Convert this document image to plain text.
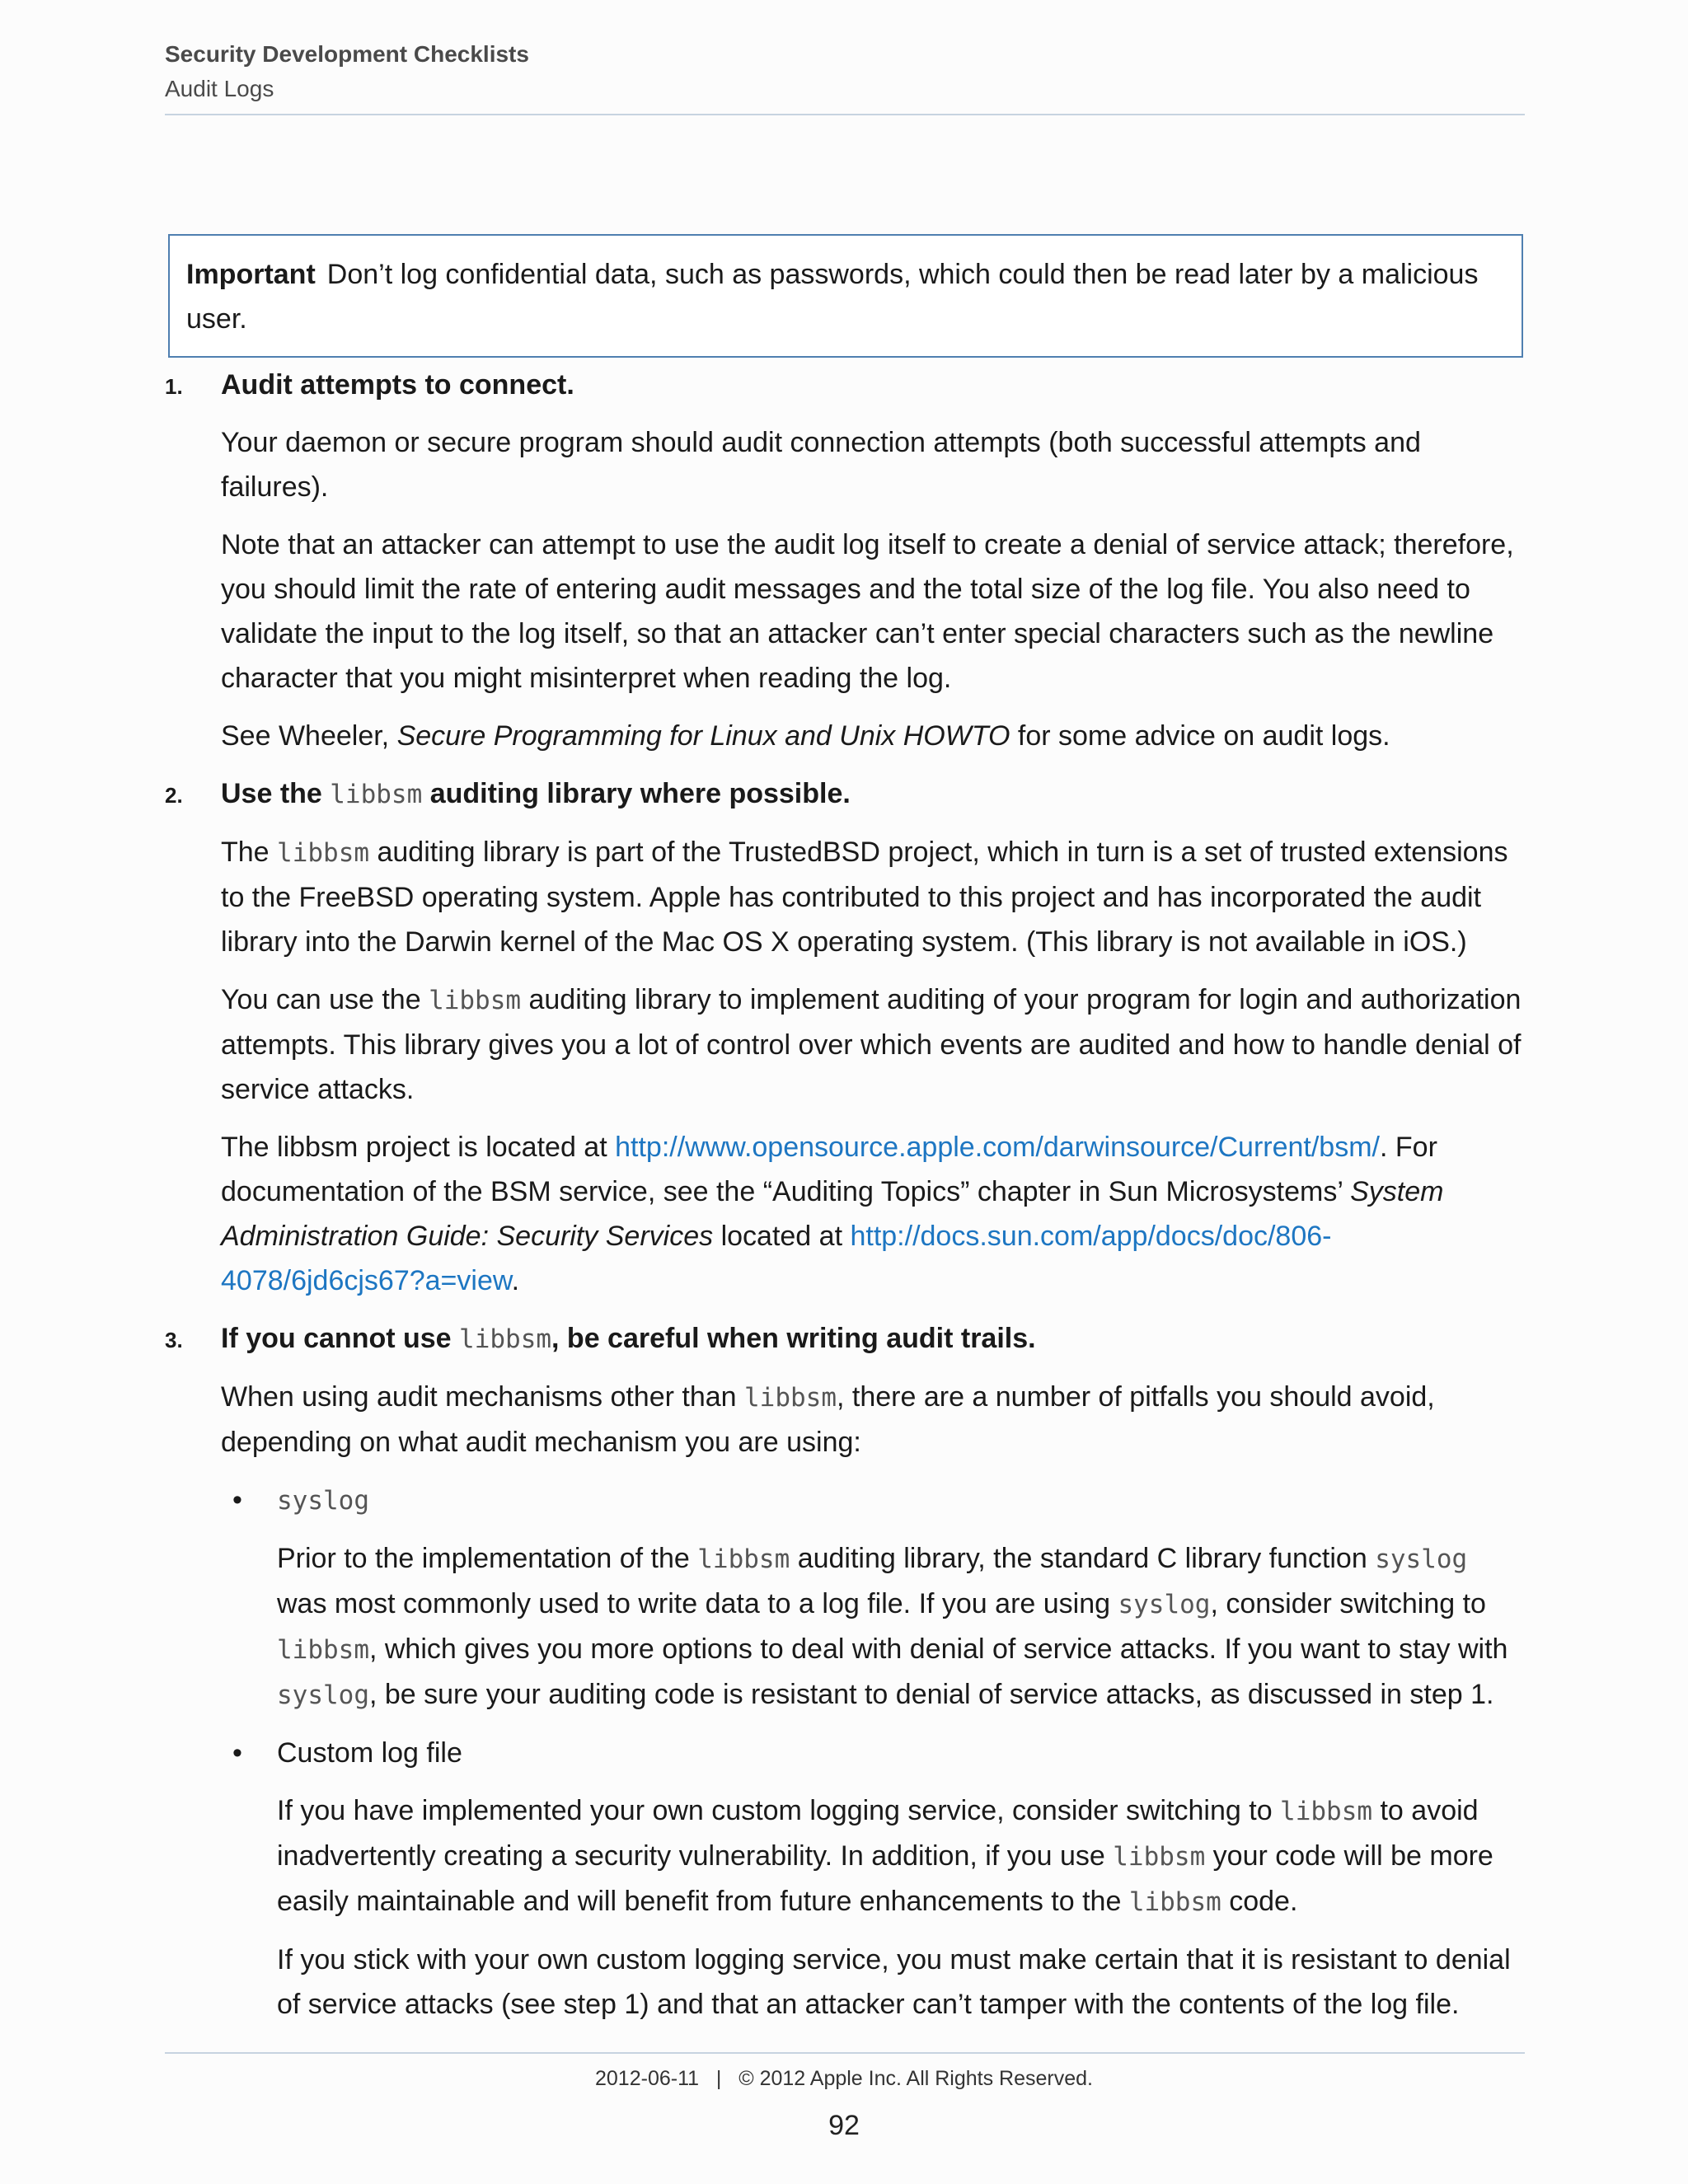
Security Development Checklists
Audit Logs
Important Don’t log confidential data, such as passwords, which could then be read later by a malicious user.
1. Audit attempts to connect.

Your daemon or secure program should audit connection attempts (both successful attempts and failures).

Note that an attacker can attempt to use the audit log itself to create a denial of service attack; therefore, you should limit the rate of entering audit messages and the total size of the log file. You also need to validate the input to the log itself, so that an attacker can’t enter special characters such as the newline character that you might misinterpret when reading the log.

See Wheeler, Secure Programming for Linux and Unix HOWTO for some advice on audit logs.

2. Use the libbsm auditing library where possible.

The libbsm auditing library is part of the TrustedBSD project, which in turn is a set of trusted extensions to the FreeBSD operating system. Apple has contributed to this project and has incorporated the audit library into the Darwin kernel of the Mac OS X operating system. (This library is not available in iOS.)

You can use the libbsm auditing library to implement auditing of your program for login and authorization attempts. This library gives you a lot of control over which events are audited and how to handle denial of service attacks.

The libbsm project is located at http://www.opensource.apple.com/darwinsource/Current/bsm/. For documentation of the BSM service, see the “Auditing Topics” chapter in Sun Microsystems’ System Administration Guide: Security Services located at http://docs.sun.com/app/docs/doc/806-4078/6jd6cjs67?a=view.

3. If you cannot use libbsm, be careful when writing audit trails.

When using audit mechanisms other than libbsm, there are a number of pitfalls you should avoid, depending on what audit mechanism you are using:

• syslog

Prior to the implementation of the libbsm auditing library, the standard C library function syslog was most commonly used to write data to a log file. If you are using syslog, consider switching to libbsm, which gives you more options to deal with denial of service attacks. If you want to stay with syslog, be sure your auditing code is resistant to denial of service attacks, as discussed in step 1.

• Custom log file

If you have implemented your own custom logging service, consider switching to libbsm to avoid inadvertently creating a security vulnerability. In addition, if you use libbsm your code will be more easily maintainable and will benefit from future enhancements to the libbsm code.

If you stick with your own custom logging service, you must make certain that it is resistant to denial of service attacks (see step 1) and that an attacker can’t tamper with the contents of the log file.

2012-06-11 | © 2012 Apple Inc. All Rights Reserved.
92
